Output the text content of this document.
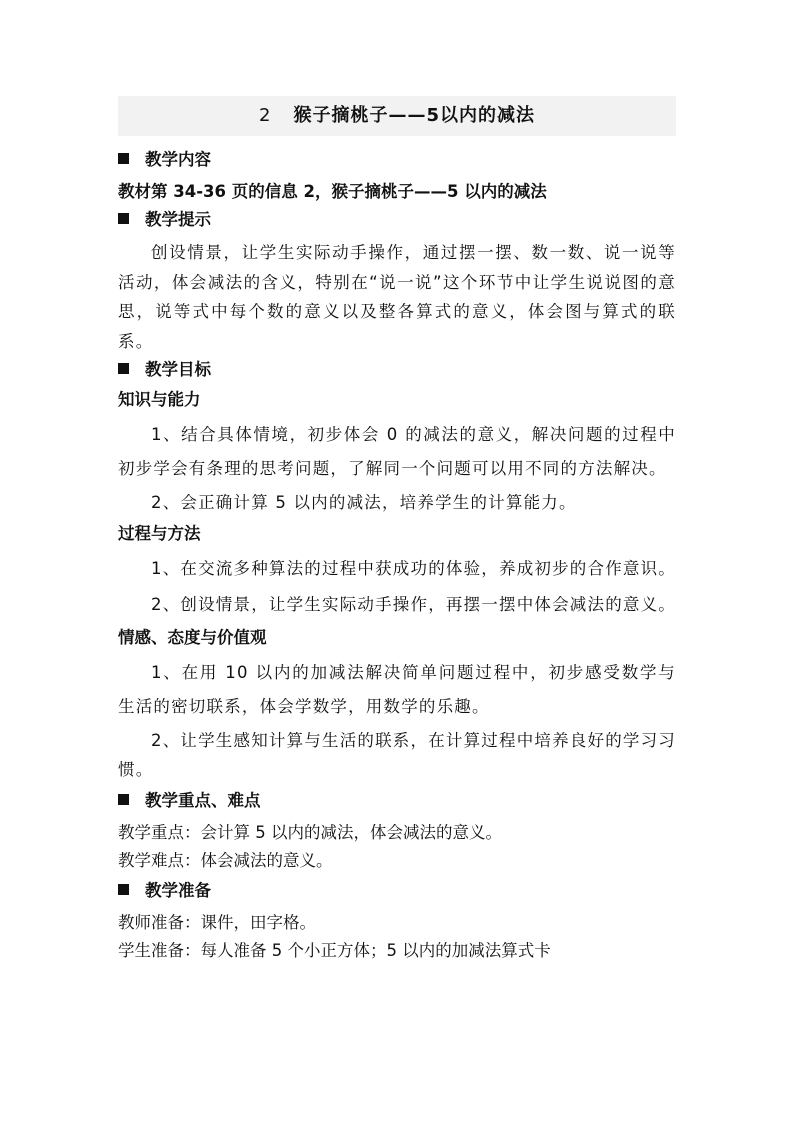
2 猴子摘桃子——5以内的减法
教学内容
教材第 34-36 页的信息 2，猴子摘桃子——5 以内的减法
教学提示

创设情景，让学生实际动手操作，通过摆一摆、数一数、说一说等活动，体会减法的含义，特别在“说一说”这个环节中让学生说说图的意思，说等式中每个数的意义以及整各算式的意义，体会图与算式的联系。

教学目标
知识与能力

1、结合具体情境，初步体会 0 的减法的意义，解决问题的过程中初步学会有条理的思考问题，了解同一个问题可以用不同的方法解决。

2、会正确计算 5 以内的减法，培养学生的计算能力。

过程与方法

1、在交流多种算法的过程中获成功的体验，养成初步的合作意识。

2、创设情景，让学生实际动手操作，再摆一摆中体会减法的意义。

情感、态度与价值观

1、在用 10 以内的加减法解决简单问题过程中，初步感受数学与生活的密切联系，体会学数学，用数学的乐趣。

2、让学生感知计算与生活的联系，在计算过程中培养良好的学习习惯。

教学重点、难点
教学重点：会计算 5 以内的减法，体会减法的意义。
教学难点：体会减法的意义。
教学准备
教师准备：课件，田字格。
学生准备：每人准备 5 个小正方体；5 以内的加减法算式卡
